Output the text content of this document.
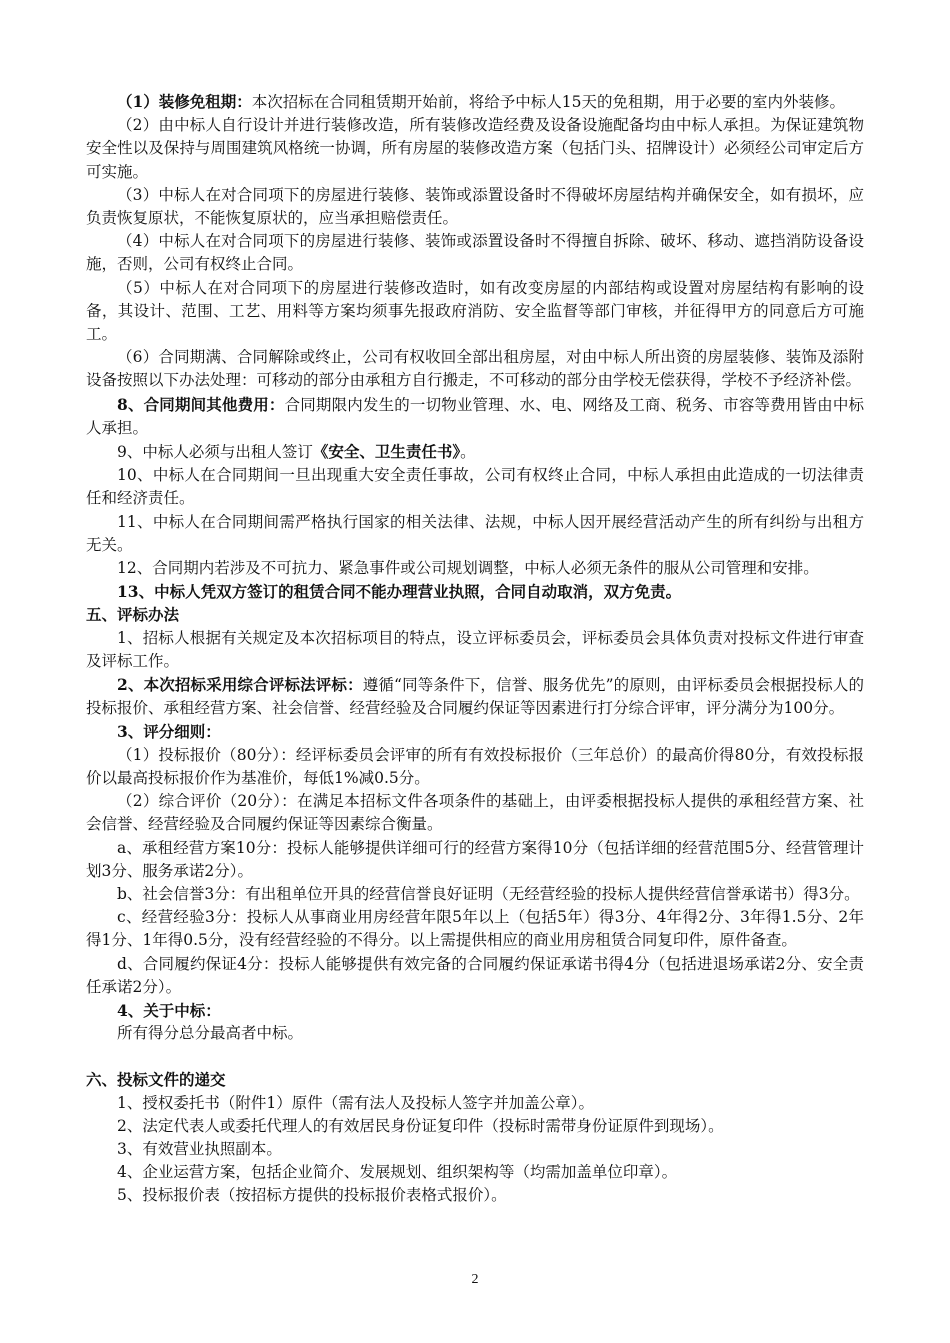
（1）装修免租期：本次招标在合同租赁期开始前，将给予中标人15天的免租期，用于必要的室内外装修。

（2）由中标人自行设计并进行装修改造，所有装修改造经费及设备设施配备均由中标人承担。为保证建筑物安全性以及保持与周围建筑风格统一协调，所有房屋的装修改造方案（包括门头、招牌设计）必须经公司审定后方可实施。

（3）中标人在对合同项下的房屋进行装修、装饰或添置设备时不得破坏房屋结构并确保安全，如有损坏，应负责恢复原状，不能恢复原状的，应当承担赔偿责任。

（4）中标人在对合同项下的房屋进行装修、装饰或添置设备时不得擅自拆除、破坏、移动、遮挡消防设备设施，否则，公司有权终止合同。

（5）中标人在对合同项下的房屋进行装修改造时，如有改变房屋的内部结构或设置对房屋结构有影响的设备，其设计、范围、工艺、用料等方案均须事先报政府消防、安全监督等部门审核，并征得甲方的同意后方可施工。

（6）合同期满、合同解除或终止，公司有权收回全部出租房屋，对由中标人所出资的房屋装修、装饰及添附设备按照以下办法处理：可移动的部分由承租方自行搬走，不可移动的部分由学校无偿获得，学校不予经济补偿。

8、合同期间其他费用：合同期限内发生的一切物业管理、水、电、网络及工商、税务、市容等费用皆由中标人承担。

9、中标人必须与出租人签订《安全、卫生责任书》。

10、中标人在合同期间一旦出现重大安全责任事故，公司有权终止合同，中标人承担由此造成的一切法律责任和经济责任。

11、中标人在合同期间需严格执行国家的相关法律、法规，中标人因开展经营活动产生的所有纠纷与出租方无关。

12、合同期内若涉及不可抗力、紧急事件或公司规划调整，中标人必须无条件的服从公司管理和安排。

13、中标人凭双方签订的租赁合同不能办理营业执照，合同自动取消，双方免责。

五、评标办法

1、招标人根据有关规定及本次招标项目的特点，设立评标委员会，评标委员会具体负责对投标文件进行审查及评标工作。

2、本次招标采用综合评标法评标：遵循“同等条件下，信誉、服务优先”的原则，由评标委员会根据投标人的投标报价、承租经营方案、社会信誉、经营经验及合同履约保证等因素进行打分综合评审，评分满分为100分。

3、评分细则：

（1）投标报价（80分）：经评标委员会评审的所有有效投标报价（三年总价）的最高价得80分，有效投标报价以最高投标报价作为基准价，每低1%减0.5分。

（2）综合评价（20分）：在满足本招标文件各项条件的基础上，由评委根据投标人提供的承租经营方案、社会信誉、经营经验及合同履约保证等因素综合衡量。

a、承租经营方案10分：投标人能够提供详细可行的经营方案得10分（包括详细的经营范围5分、经营管理计划3分、服务承诺2分）。

b、社会信誉3分：有出租单位开具的经营信誉良好证明（无经营经验的投标人提供经营信誉承诺书）得3分。

c、经营经验3分：投标人从事商业用房经营年限5年以上（包括5年）得3分、4年得2分、3年得1.5分、2年得1分、1年得0.5分，没有经营经验的不得分。以上需提供相应的商业用房租赁合同复印件，原件备查。

d、合同履约保证4分：投标人能够提供有效完备的合同履约保证承诺书得4分（包括进退场承诺2分、安全责任承诺2分）。

4、关于中标：

所有得分总分最高者中标。

六、投标文件的递交

1、授权委托书（附件1）原件（需有法人及投标人签字并加盖公章）。

2、法定代表人或委托代理人的有效居民身份证复印件（投标时需带身份证原件到现场）。

3、有效营业执照副本。

4、企业运营方案，包括企业简介、发展规划、组织架构等（均需加盖单位印章）。

5、投标报价表（按招标方提供的投标报价表格式报价）。

2
